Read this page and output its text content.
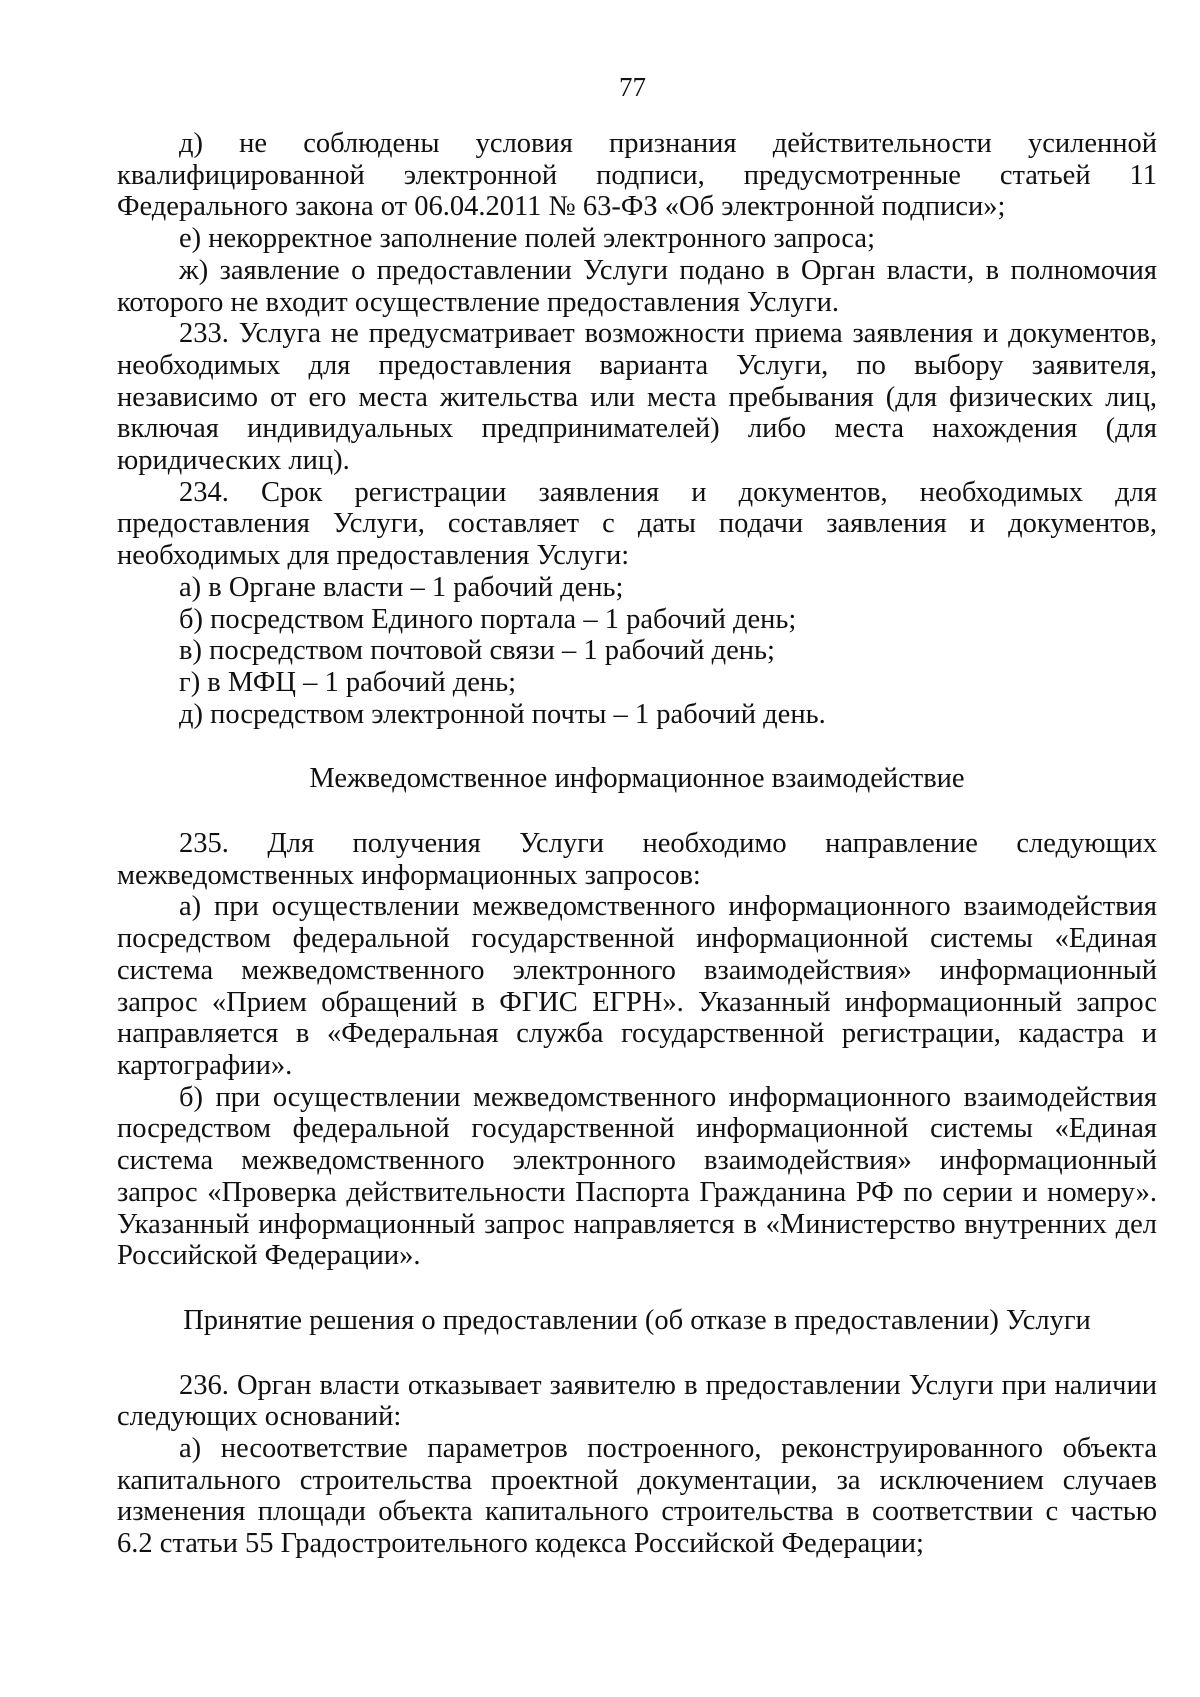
77

д) не соблюдены условия признания действительности усиленной квалифицированной электронной подписи, предусмотренные статьей 11 Федерального закона от 06.04.2011 № 63-ФЗ «Об электронной подписи»;

е) некорректное заполнение полей электронного запроса;

ж) заявление о предоставлении Услуги подано в Орган власти, в полномочия которого не входит осуществление предоставления Услуги.

233. Услуга не предусматривает возможности приема заявления и документов, необходимых для предоставления варианта Услуги, по выбору заявителя, независимо от его места жительства или места пребывания (для физических лиц, включая индивидуальных предпринимателей) либо места нахождения (для юридических лиц).

234. Срок регистрации заявления и документов, необходимых для предоставления Услуги, составляет с даты подачи заявления и документов, необходимых для предоставления Услуги:

а) в Органе власти – 1 рабочий день;

б) посредством Единого портала – 1 рабочий день;

в) посредством почтовой связи – 1 рабочий день;

г) в МФЦ – 1 рабочий день;

д) посредством электронной почты – 1 рабочий день.

Межведомственное информационное взаимодействие

235. Для получения Услуги необходимо направление следующих межведомственных информационных запросов:

а) при осуществлении межведомственного информационного взаимодействия посредством федеральной государственной информационной системы «Единая система межведомственного электронного взаимодействия» информационный запрос «Прием обращений в ФГИС ЕГРН». Указанный информационный запрос направляется в «Федеральная служба государственной регистрации, кадастра и картографии».

б) при осуществлении межведомственного информационного взаимодействия посредством федеральной государственной информационной системы «Единая система межведомственного электронного взаимодействия» информационный запрос «Проверка действительности Паспорта Гражданина РФ по серии и номеру». Указанный информационный запрос направляется в «Министерство внутренних дел Российской Федерации».

Принятие решения о предоставлении (об отказе в предоставлении) Услуги

236. Орган власти отказывает заявителю в предоставлении Услуги при наличии следующих оснований:

а) несоответствие параметров построенного, реконструированного объекта капитального строительства проектной документации, за исключением случаев изменения площади объекта капитального строительства в соответствии с частью 6.2 статьи 55 Градостроительного кодекса Российской Федерации;
